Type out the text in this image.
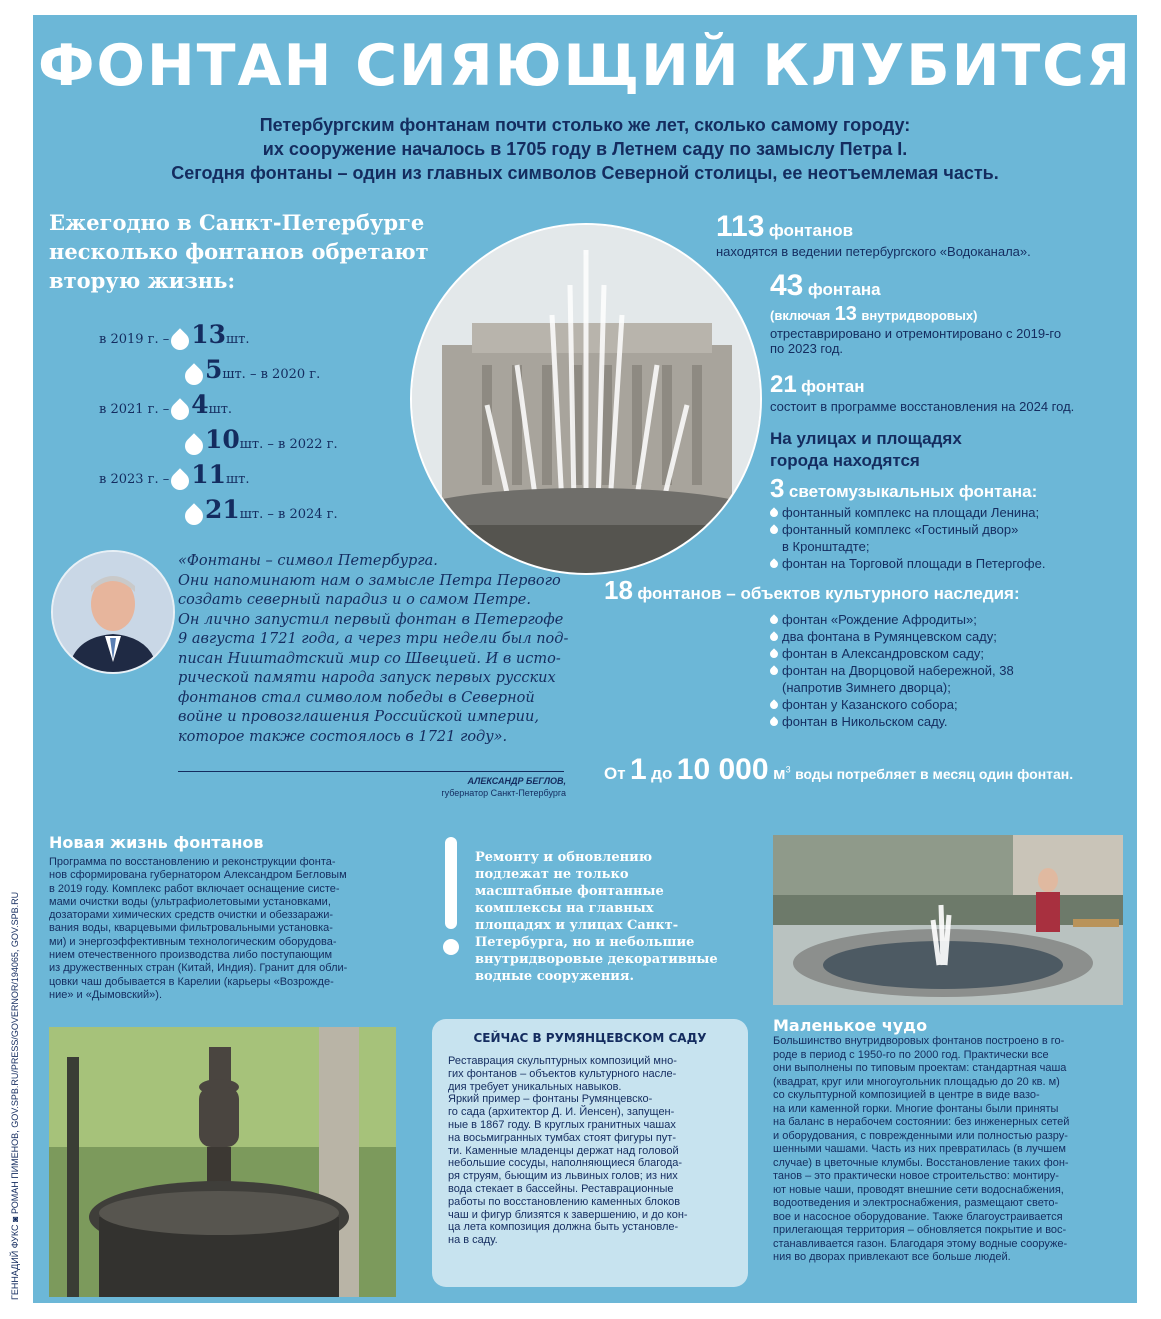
ФОНТАН СИЯЮЩИЙ КЛУБИТСЯ

Петербургским фонтанам почти столько же лет, сколько самому городу:
их сооружение началось в 1705 году в Летнем саду по замыслу Петра I.
Сегодня фонтаны – один из главных символов Северной столицы, ее неотъемлемая часть.

Ежегодно в Санкт-Петербурге
несколько фонтанов обретают
вторую жизнь:
в 2019 г. – 13шт.
5шт. – в 2020 г.
в 2021 г. – 4шт.
10шт. – в 2022 г.
в 2023 г. – 11шт.
21шт. – в 2024 г.
113 фонтанов
находятся в ведении петербургского «Водоканала».
43 фонтана
(включая 13 внутридворовых)
отреставрировано и отремонтировано с 2019-го
по 2023 год.
21 фонтан
состоит в программе восстановления на 2024 год.
На улицах и площадях
города находятся
3 светомузыкальных фонтана:
фонтанный комплекс на площади Ленина;
фонтанный комплекс «Гостиный двор»
в Кронштадте;
фонтан на Торговой площади в Петергофе.
18 фонтанов – объектов культурного наследия:
фонтан «Рождение Афродиты»;
два фонтана в Румянцевском саду;
фонтан в Александровском саду;
фонтан на Дворцовой набережной, 38
(напротив Зимнего дворца);
фонтан у Казанского собора;
фонтан в Никольском саду.
От 1 до 10 000 $м^3$ воды потребляет в месяц один фонтан.
«Фонтаны – символ Петербурга.
Они напоминают нам о замысле Петра Первого
создать северный парадиз и о самом Петре.
Он лично запустил первый фонтан в Петергофе
9 августа 1721 года, а через три недели был под-
писан Ништадтский мир со Швецией. И в исто-
рической памяти народа запуск первых русских
фонтанов стал символом победы в Северной
войне и провозглашения Российской империи,
которое также состоялось в 1721 году».
АЛЕКСАНДР БЕГЛОВ,
губернатор Санкт-Петербурга
Новая жизнь фонтанов
Программа по восстановлению и реконструкции фонта-
нов сформирована губернатором Александром Бегловым
в 2019 году. Комплекс работ включает оснащение систе-
мами очистки воды (ультрафиолетовыми установками,
дозаторами химических средств очистки и обеззаражи-
вания воды, кварцевыми фильтровальными установка-
ми) и энергоэффективным технологическим оборудова-
нием отечественного производства либо поступающим
из дружественных стран (Китай, Индия). Гранит для обли-
цовки чаш добывается в Карелии (карьеры «Возрожде-
ние» и «Дымовский»).
Ремонту и обновлению
подлежат не только
масштабные фонтанные
комплексы на главных
площадях и улицах Санкт-
Петербурга, но и небольшие
внутридворовые декоративные
водные сооружения.
СЕЙЧАС В РУМЯНЦЕВСКОМ САДУ
Реставрация скульптурных композиций мно-
гих фонтанов – объектов культурного насле-
дия требует уникальных навыков.
Яркий пример – фонтаны Румянцевско-
го сада (архитектор Д. И. Йенсен), запущен-
ные в 1867 году. В круглых гранитных чашах
на восьмигранных тумбах стоят фигуры пут-
ти. Каменные младенцы держат над головой
небольшие сосуды, наполняющиеся благода-
ря струям, бьющим из львиных голов; из них
вода стекает в бассейны. Реставрационные
работы по восстановлению каменных блоков
чаш и фигур близятся к завершению, и до кон-
ца лета композиция должна быть установле-
на в саду.
Маленькое чудо
Большинство внутридворовых фонтанов построено в го-
роде в период с 1950-го по 2000 год. Практически все
они выполнены по типовым проектам: стандартная чаша
(квадрат, круг или многоугольник площадью до 20 кв. м)
со скульптурной композицией в центре в виде вазо-
на или каменной горки. Многие фонтаны были приняты
на баланс в нерабочем состоянии: без инженерных сетей
и оборудования, с поврежденными или полностью разру-
шенными чашами. Часть из них превратилась (в лучшем
случае) в цветочные клумбы. Восстановление таких фон-
танов – это практически новое строительство: монтиру-
ют новые чаши, проводят внешние сети водоснабжения,
водоотведения и электроснабжения, размещают свето-
вое и насосное оборудование. Также благоустраивается
прилегающая территория – обновляется покрытие и вос-
станавливается газон. Благодаря этому водные сооруже-
ния во дворах привлекают все больше людей.
ГЕННАДИЙ ФУКС ◙ РОМАН ПИМЕНОВ, GOV.SPB.RU/PRESS/GOVERNOR/194065, GOV.SPB.RU
